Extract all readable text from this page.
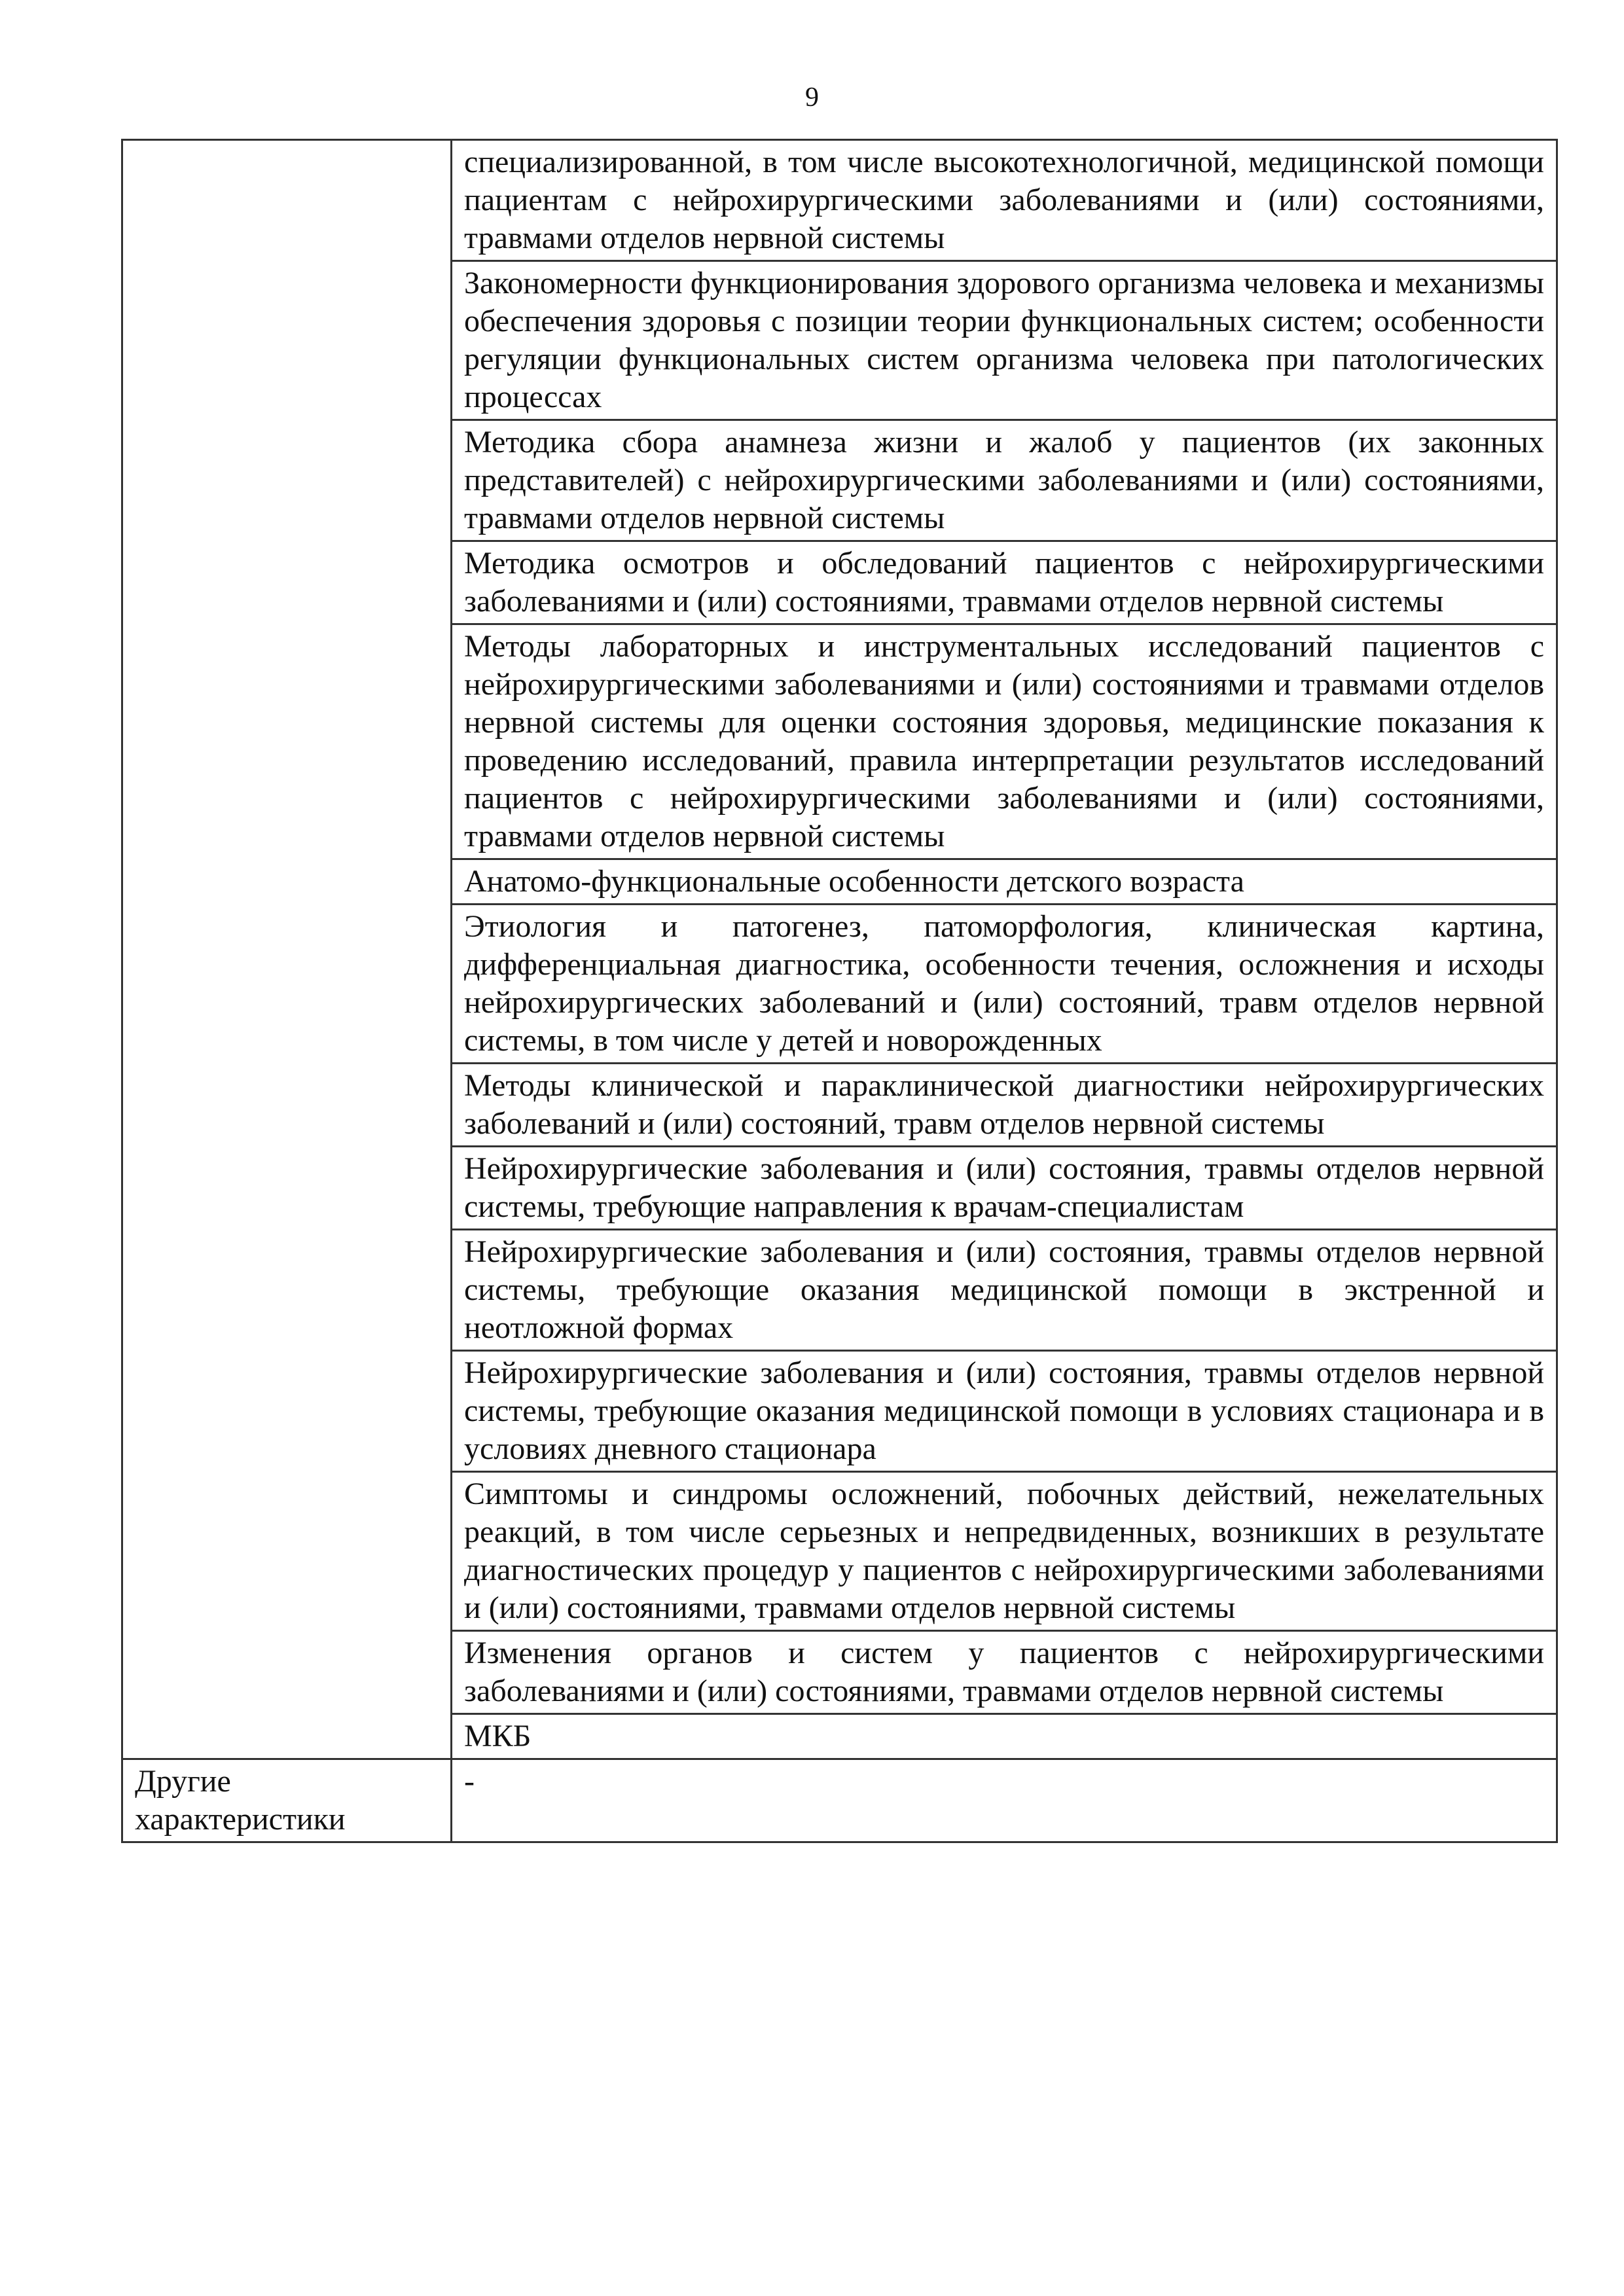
9
	специализированной, в том числе высокотехнологичной, медицинской помощи пациентам с нейрохирургическими заболеваниями и (или) состояниями, травмами отделов нервной системы
	Закономерности функционирования здорового организма человека и механизмы обеспечения здоровья с позиции теории функциональных систем; особенности регуляции функциональных систем организма человека при патологических процессах
	Методика сбора анамнеза жизни и жалоб у пациентов (их законных представителей) с нейрохирургическими заболеваниями и (или) состояниями, травмами отделов нервной системы
	Методика осмотров и обследований пациентов с нейрохирургическими заболеваниями и (или) состояниями, травмами отделов нервной системы
	Методы лабораторных и инструментальных исследований пациентов с нейрохирургическими заболеваниями и (или) состояниями и травмами отделов нервной системы для оценки состояния здоровья, медицинские показания к проведению исследований, правила интерпретации результатов исследований пациентов с нейрохирургическими заболеваниями и (или) состояниями, травмами отделов нервной системы
	Анатомо-функциональные особенности детского возраста
	Этиология и патогенез, патоморфология, клиническая картина, дифференциальная диагностика, особенности течения, осложнения и исходы нейрохирургических заболеваний и (или) состояний, травм отделов нервной системы, в том числе у детей и новорожденных
	Методы клинической и параклинической диагностики нейрохирургических заболеваний и (или) состояний, травм отделов нервной системы
	Нейрохирургические заболевания и (или) состояния, травмы отделов нервной системы, требующие направления к врачам-специалистам
	Нейрохирургические заболевания и (или) состояния, травмы отделов нервной системы, требующие оказания медицинской помощи в экстренной и неотложной формах
	Нейрохирургические заболевания и (или) состояния, травмы отделов нервной системы, требующие оказания медицинской помощи в условиях стационара и в условиях дневного стационара
	Симптомы и синдромы осложнений, побочных действий, нежелательных реакций, в том числе серьезных и непредвиденных, возникших в результате диагностических процедур у пациентов с нейрохирургическими заболеваниями и (или) состояниями, травмами отделов нервной системы
	Изменения органов и систем у пациентов с нейрохирургическими заболеваниями и (или) состояниями, травмами отделов нервной системы
	МКБ

Другие
характеристики	-
